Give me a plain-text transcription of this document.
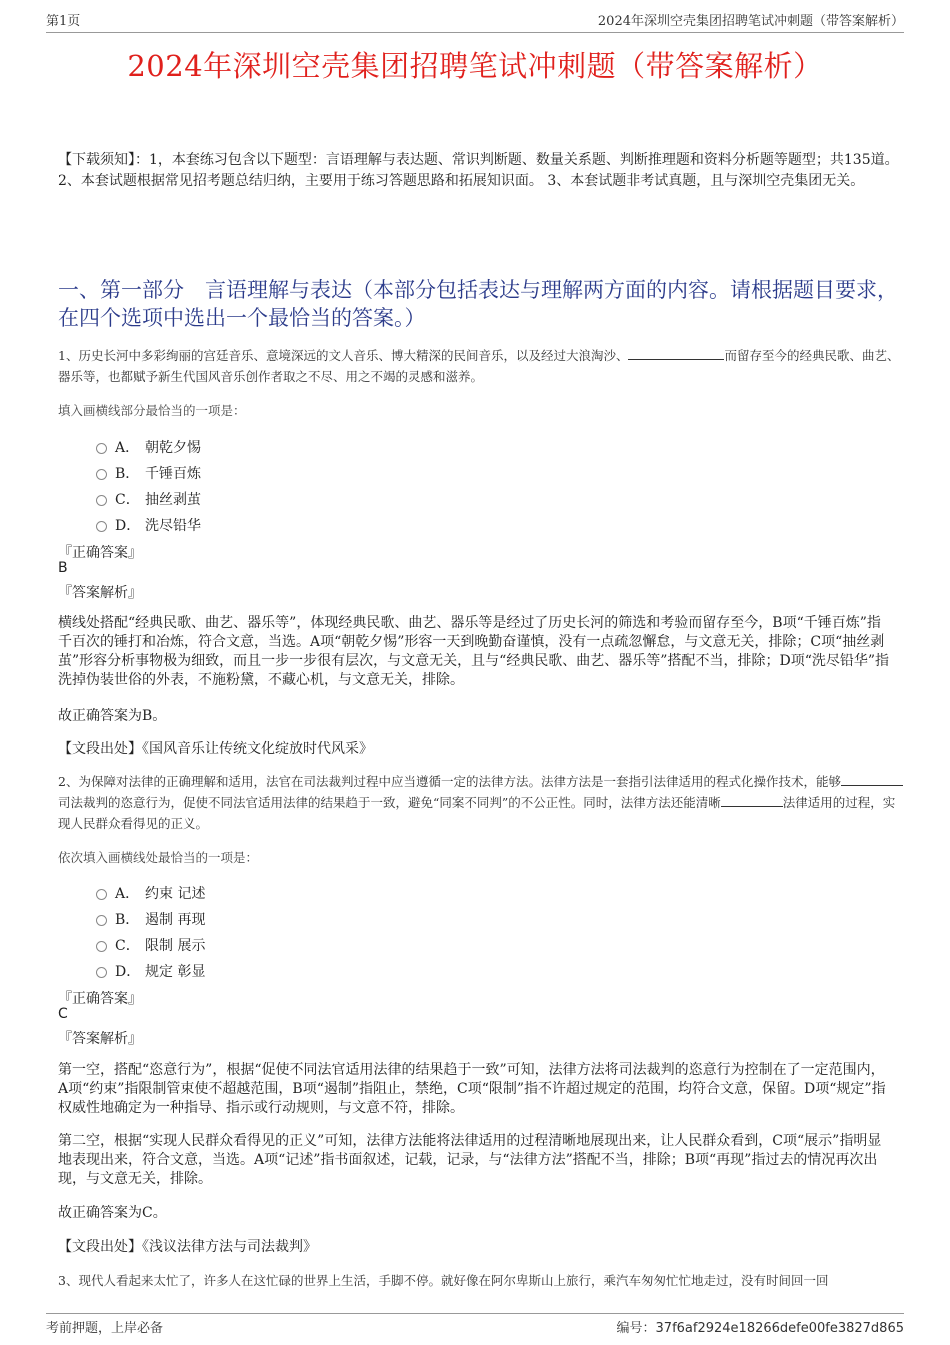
第1页	2024年深圳空壳集团招聘笔试冲刺题（带答案解析）
2024年深圳空壳集团招聘笔试冲刺题（带答案解析）
【下载须知】：1，本套练习包含以下题型：言语理解与表达题、常识判断题、数量关系题、判断推理题和资料分析题等题型；共135道。 2、本套试题根据常见招考题总结归纳，主要用于练习答题思路和拓展知识面。 3、本套试题非考试真题，且与深圳空壳集团无关。
一、第一部分　言语理解与表达（本部分包括表达与理解两方面的内容。请根据题目要求，在四个选项中选出一个最恰当的答案。）
1、历史长河中多彩绚丽的宫廷音乐、意境深远的文人音乐、博大精深的民间音乐，以及经过大浪淘沙、	而留存至今的经典民歌、曲艺、器乐等，也都赋予新生代国风音乐创作者取之不尽、用之不竭的灵感和滋养。
填入画横线部分最恰当的一项是：
A． 朝乾夕惕
B． 千锤百炼
C． 抽丝剥茧
D． 洗尽铅华
『正确答案』
B
『答案解析』
横线处搭配“经典民歌、曲艺、器乐等”，体现经典民歌、曲艺、器乐等是经过了历史长河的筛选和考验而留存至今，B项“千锤百炼”指千百次的锤打和冶炼，符合文意，当选。A项“朝乾夕惕”形容一天到晚勤奋谨慎，没有一点疏忽懈怠，与文意无关，排除；C项“抽丝剥茧”形容分析事物极为细致，而且一步一步很有层次，与文意无关，且与“经典民歌、曲艺、器乐等”搭配不当，排除；D项“洗尽铅华”指洗掉伪装世俗的外表，不施粉黛，不藏心机，与文意无关，排除。
故正确答案为B。
【文段出处】《国风音乐让传统文化绽放时代风采》
2、为保障对法律的正确理解和适用，法官在司法裁判过程中应当遵循一定的法律方法。法律方法是一套指引法律适用的程式化操作技术，能够司法裁判的恣意行为，促使不同法官适用法律的结果趋于一致，避免“同案不同判”的不公正性。同时，法律方法还能清晰	法律适用的过程，实现人民群众看得见的正义。
依次填入画横线处最恰当的一项是：
A． 约束 记述
B． 遏制 再现
C． 限制 展示
D． 规定 彰显
『正确答案』
C
『答案解析』
第一空，搭配“恣意行为”，根据“促使不同法官适用法律的结果趋于一致”可知，法律方法将司法裁判的恣意行为控制在了一定范围内，A项“约束”指限制管束使不超越范围，B项“遏制”指阻止，禁绝，C项“限制”指不许超过规定的范围，均符合文意，保留。D项“规定”指权威性地确定为一种指导、指示或行动规则，与文意不符，排除。
第二空，根据“实现人民群众看得见的正义”可知，法律方法能将法律适用的过程清晰地展现出来，让人民群众看到，C项“展示”指明显地表现出来，符合文意，当选。A项“记述”指书面叙述，记载，记录，与“法律方法”搭配不当，排除；B项“再现”指过去的情况再次出现，与文意无关，排除。
故正确答案为C。
【文段出处】《浅议法律方法与司法裁判》
3、现代人看起来太忙了，许多人在这忙碌的世界上生活，手脚不停。就好像在阿尔卑斯山上旅行，乘汽车匆匆忙忙地走过，没有时间回一回
考前押题，上岸必备	编号：37f6af2924e18266defe00fe3827d865
